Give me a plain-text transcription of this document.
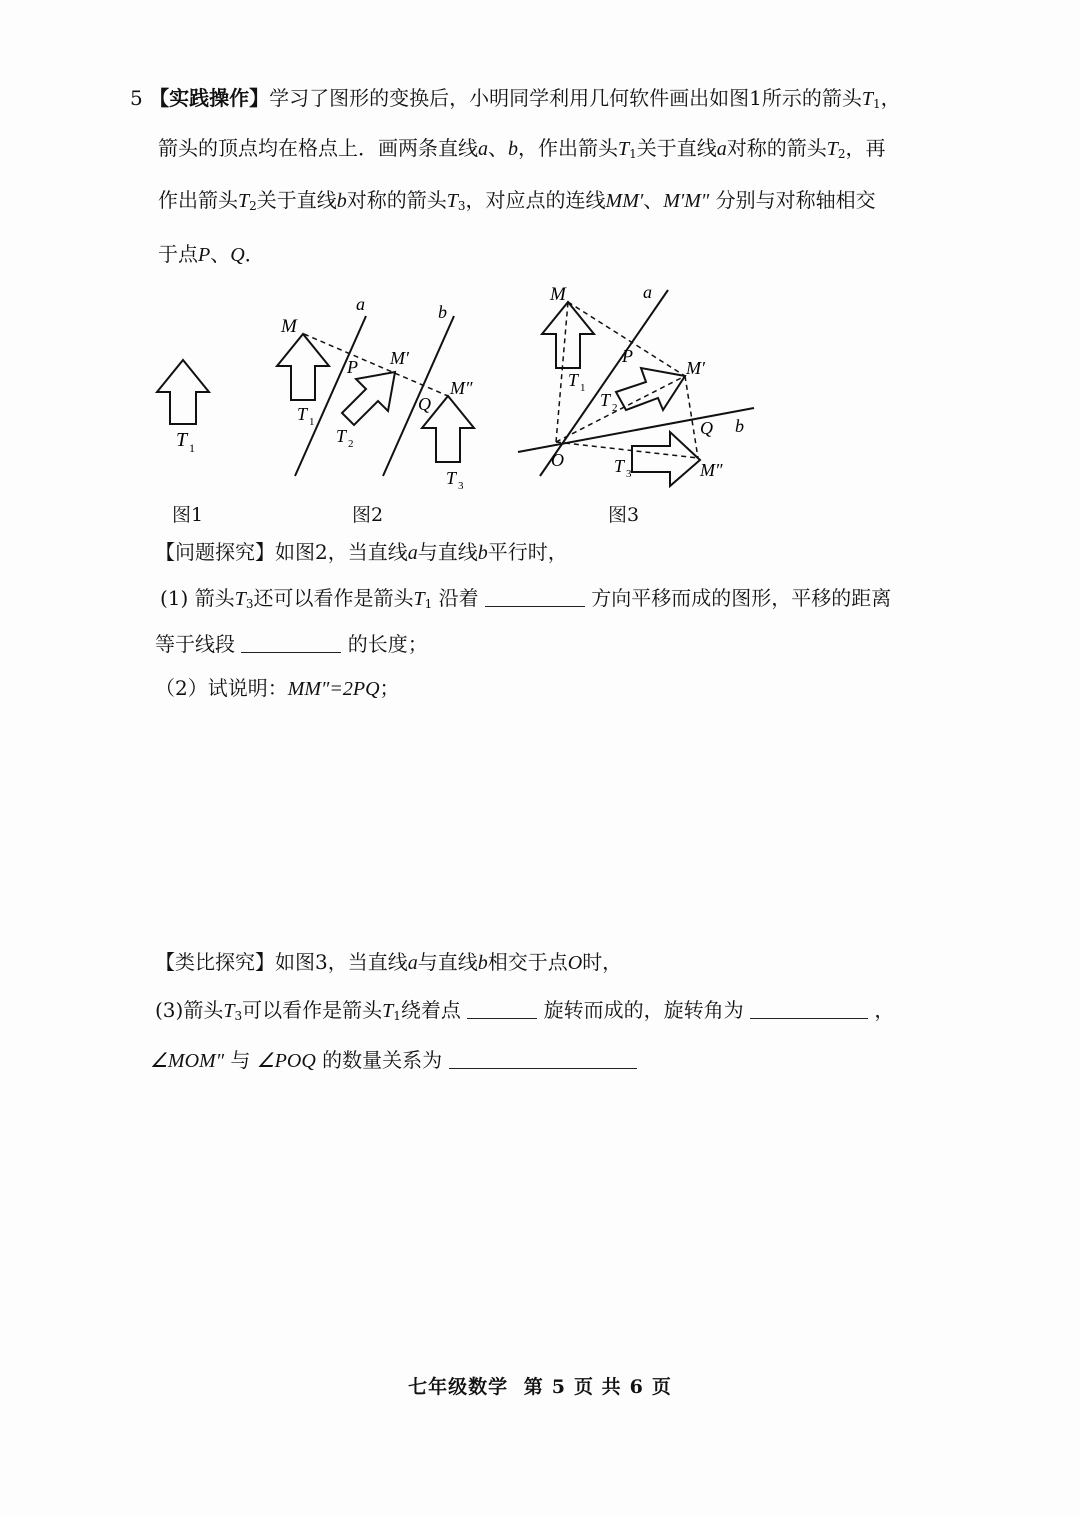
5 【实践操作】学习了图形的变换后，小明同学利用几何软件画出如图1所示的箭头$T_1$，
箭头的顶点均在格点上．画两条直线a、b，作出箭头$T_1$关于直线a对称的箭头$T_2$，再
作出箭头$T_2$关于直线b对称的箭头$T_3$，对应点的连线MM′、M′M″ 分别与对称轴相交
于点P、Q．
T 1
a	b
M
M′
M″
P
Q
T 1
T 2
T 3
a
b
M
P
M′
Q
O	M″
T 1
T 2
T 3
图1	图2	图3
【问题探究】如图2，当直线a与直线b平行时，
(1) 箭头$T_3$还可以看作是箭头$T_1$ 沿着	方向平移而成的图形，平移的距离
等于线段	的长度；
（2）试说明：MM″=2PQ；
【类比探究】如图3，当直线a与直线b相交于点O时，
(3)箭头$T_3$可以看作是箭头$T_1$绕着点	旋转而成的，旋转角为	，
∠MOM″ 与 ∠POQ 的数量关系为
七年级数学 第 5 页 共 6 页
